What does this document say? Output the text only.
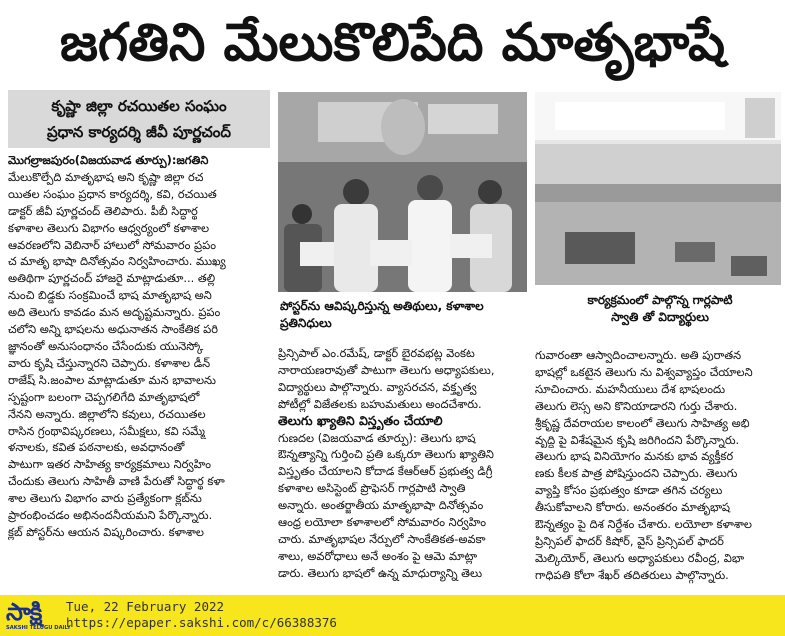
జగతిని మేలుకొలిపేది మాతృభాషే
కృష్ణా జిల్లా రచయితల సంఘం
ప్రధాన కార్యదర్శి జీవీ పూర్ణచంద్
మొగల్రాజపురం(విజయవాడ తూర్పు):జగతిని
మేలుకొల్పేది మాతృభాష అని కృష్ణా జిల్లా రచ
యితల సంఘం ప్రధాన కార్యదర్శి, కవి, రచయిత
డాక్టర్ జీవీ పూర్ణచంద్ తెలిపారు. పీబీ సిద్ధార్థ
కళాశాల తెలుగు విభాగం ఆధ్వర్యంలో కళాశాల
ఆవరణలోని వెబినార్ హాలులో సోమవారం ప్రపం
చ మాతృ భాషా దినోత్సవం నిర్వహించారు. ముఖ్య
అతిథిగా పూర్ణచంద్ హాజరై మాట్లాడుతూ... తల్లి
నుంచి బిడ్డకు సంక్రమించే భాష మాతృభాష అని
అది తెలుగు కావడం మన అదృష్టమన్నారు. ప్రపం
చలోని అన్ని భాషలను అధునాతన సాంకేతిక పరి
జ్ఞానంతో అనుసంధానం చేసేందుకు యునెస్కో
వారు కృషి చేస్తున్నారని చెప్పారు. కళాశాల డీన్
రాజేష్ సి.జంపాల మాట్లాడుతూ మన భావాలను
స్పష్టంగా బలంగా చెప్పగలిగేది మాతృభాషలో
నేనని అన్నారు. జిల్లాలోని కవులు, రచయితల
రాసిన గ్రంథావిష్కరణలు, సమీక్షలు, కవి సమ్మే
ళనాలకు, కవిత పఠనాలకు, అవధానంతో
పాటుగా ఇతర సాహిత్య కార్యక్రమాలు నిర్వహిం
చేందుకు తెలుగు సాహితీ వాణి పేరుతో సిద్ధార్థ కళా
శాల తెలుగు విభాగం వారు ప్రత్యేకంగా క్లబ్‌ను
ప్రారంభించడం అభినందనీయమని పేర్కొన్నారు.
క్లబ్ పోస్టర్‌ను ఆయన విష్కరించారు. కళాశాల
పోస్టర్‌ను ఆవిష్కరిస్తున్న అతిథులు, కళాశాల
ప్రతినిధులు
కార్యక్రమంలో పాల్గొన్న గార్లపాటి
స్వాతి తో విద్యార్థులు
ప్రిన్సిపాల్ ఎం.రమేష్, డాక్టర్ బైరవభట్ల వెంకట
నారాయణరావుతో పాటుగా తెలుగు అధ్యాపకులు,
విద్యార్థులు పాల్గొన్నారు. వ్యాసరచన, వక్తృత్వ
పోటీల్లో విజేతలకు బహుమతులు అందచేశారు.
తెలుగు ఖ్యాతిని విస్తృతం చేయాలి
గుణదల (విజయవాడ తూర్పు): తెలుగు భాష
ఔన్నత్యాన్ని గుర్తించి ప్రతి ఒక్కరూ తెలుగు ఖ్యాతిని
విస్తృతం చేయాలని కోదాడ కేఆర్‌ఆర్ ప్రభుత్వ డిగ్రీ
కళాశాల అసిస్టెంట్ ప్రొఫెసర్ గార్లపాటి స్వాతి
అన్నారు. అంతర్జాతీయ మాతృభాషా దినోత్సవం
ఆంధ్ర లయోలా కళాశాలలో సోమవారం నిర్వహిం
చారు. మాతృభాషల నేర్పులో సాంకేతికత-అవకా
శాలు, అవరోధాలు అనే అంశం పై ఆమె మాట్లా
డారు. తెలుగు భాషలో ఉన్న మాధుర్యాన్ని తెలు
గువారంతా ఆస్వాదించాలన్నారు. అతి పురాతన
భాషల్లో ఒకటైన తెలుగు ను విశ్వవ్యాప్తం చేయాలని
సూచించారు. మహనీయులు దేశ భాషలందు
తెలుగు లెస్స అని కొనియాడారని గుర్తు చేశారు.
శ్రీకృష్ణ దేవరాయల కాలంలో తెలుగు సాహిత్య అభి
వృద్ధి పై విశేషమైన కృషి జరిగిందని పేర్కొన్నారు.
తెలుగు భాష వినియోగం మనకు భావ వ్యక్తీకర
ణకు కీలక పాత్ర పోషిస్తుందని చెప్పారు. తెలుగు
వ్యాప్తి కోసం ప్రభుత్వం కూడా తగిన చర్యలు
తీసుకోవాలని కోరారు. అనంతరం మాతృభాష
ఔన్నత్యం పై దిశ నిర్దేశం చేశారు. లయోలా కళాశాల
ప్రిన్సిపల్ ఫాదర్ కిషోర్, వైస్ ప్రిన్సిపల్ ఫాదర్
మెల్కియోర్, తెలుగు అధ్యాపకులు రవీంద్ర, విభా
గాధిపతి కోలా శేఖర్ తదితరులు పాల్గొన్నారు.
సాక్షి
SAKSHI TELUGU DAILY
Tue, 22 February 2022
https://epaper.sakshi.com/c/66388376
